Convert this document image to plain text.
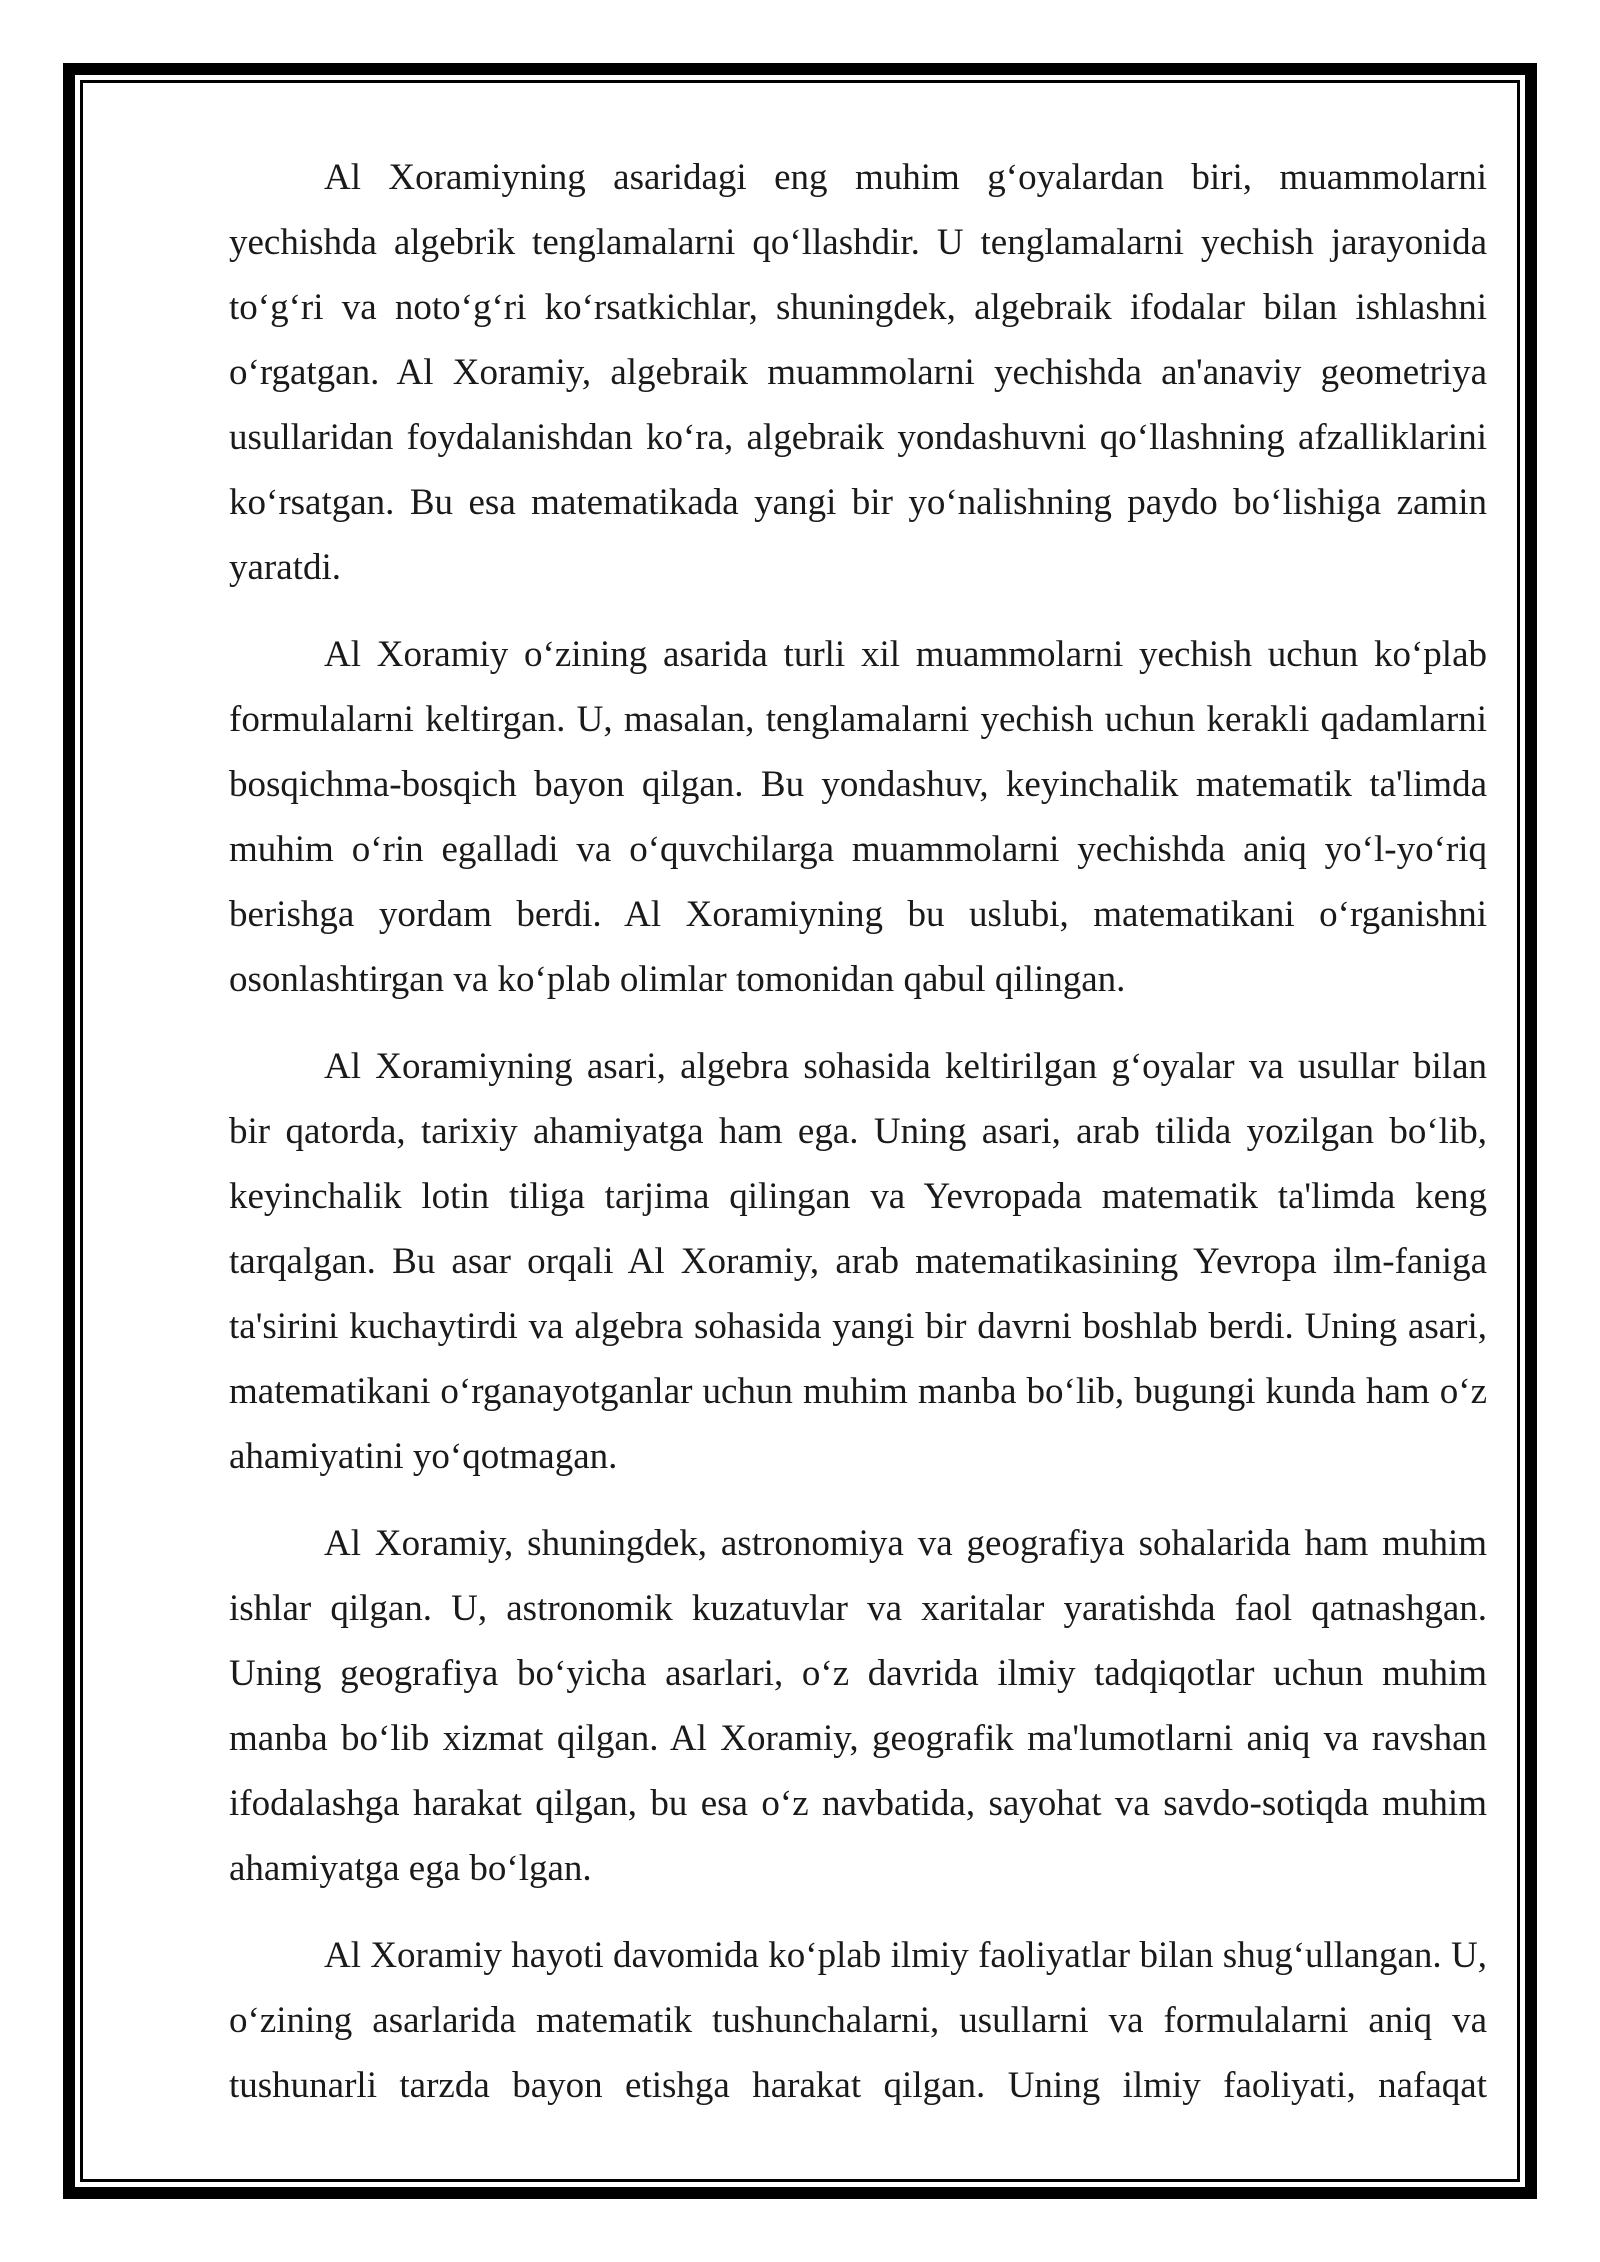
Al Xoramiyning asaridagi eng muhim g‘oyalardan biri, muammolarni yechishda algebrik tenglamalarni qo‘llashdir. U tenglamalarni yechish jarayonida to‘g‘ri va noto‘g‘ri ko‘rsatkichlar, shuningdek, algebraik ifodalar bilan ishlashni o‘rgatgan. Al Xoramiy, algebraik muammolarni yechishda an'anaviy geometriya usullaridan foydalanishdan ko‘ra, algebraik yondashuvni qo‘llashning afzalliklarini ko‘rsatgan. Bu esa matematikada yangi bir yo‘nalishning paydo bo‘lishiga zamin yaratdi.

Al Xoramiy o‘zining asarida turli xil muammolarni yechish uchun ko‘plab formulalarni keltirgan. U, masalan, tenglamalarni yechish uchun kerakli qadamlarni bosqichma-bosqich bayon qilgan. Bu yondashuv, keyinchalik matematik ta'limda muhim o‘rin egalladi va o‘quvchilarga muammolarni yechishda aniq yo‘l-yo‘riq berishga yordam berdi. Al Xoramiyning bu uslubi, matematikani o‘rganishni osonlashtirgan va ko‘plab olimlar tomonidan qabul qilingan.

Al Xoramiyning asari, algebra sohasida keltirilgan g‘oyalar va usullar bilan bir qatorda, tarixiy ahamiyatga ham ega. Uning asari, arab tilida yozilgan bo‘lib, keyinchalik lotin tiliga tarjima qilingan va Yevropada matematik ta'limda keng tarqalgan. Bu asar orqali Al Xoramiy, arab matematikasining Yevropa ilm-faniga ta'sirini kuchaytirdi va algebra sohasida yangi bir davrni boshlab berdi. Uning asari, matematikani o‘rganayotganlar uchun muhim manba bo‘lib, bugungi kunda ham o‘z ahamiyatini yo‘qotmagan.

Al Xoramiy, shuningdek, astronomiya va geografiya sohalarida ham muhim ishlar qilgan. U, astronomik kuzatuvlar va xaritalar yaratishda faol qatnashgan. Uning geografiya bo‘yicha asarlari, o‘z davrida ilmiy tadqiqotlar uchun muhim manba bo‘lib xizmat qilgan. Al Xoramiy, geografik ma'lumotlarni aniq va ravshan ifodalashga harakat qilgan, bu esa o‘z navbatida, sayohat va savdo-sotiqda muhim ahamiyatga ega bo‘lgan.

Al Xoramiy hayoti davomida ko‘plab ilmiy faoliyatlar bilan shug‘ullangan. U, o‘zining asarlarida matematik tushunchalarni, usullarni va formulalarni aniq va tushunarli tarzda bayon etishga harakat qilgan. Uning ilmiy faoliyati, nafaqat
